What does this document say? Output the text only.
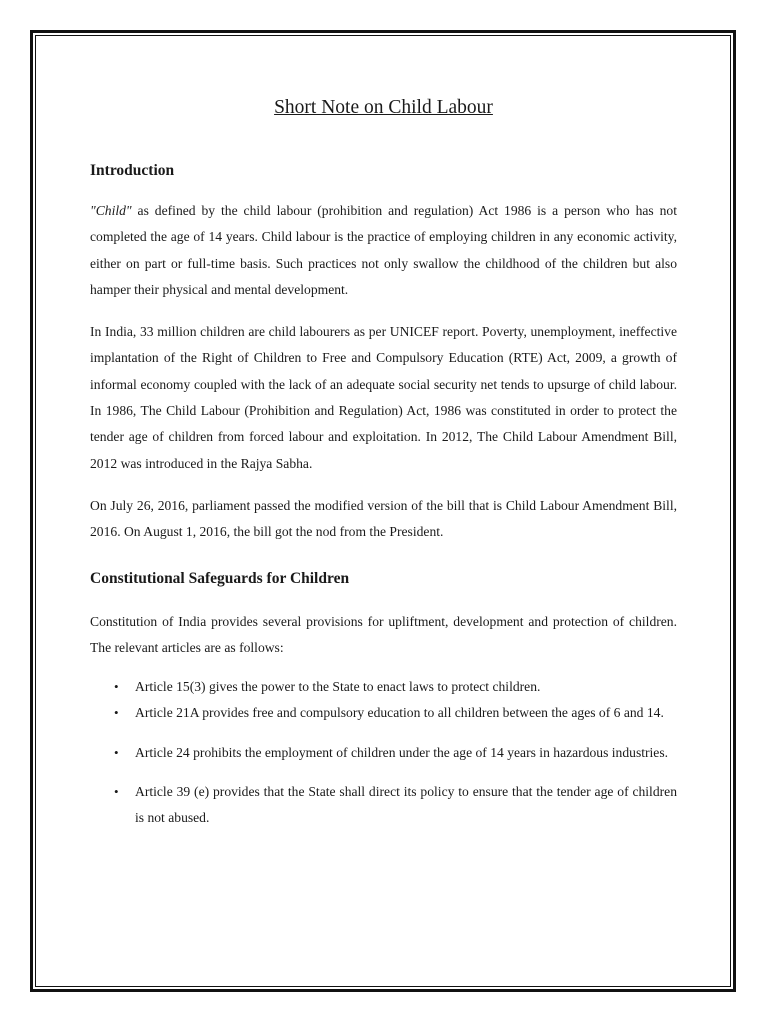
Short Note on Child Labour
Introduction

"Child" as defined by the child labour (prohibition and regulation) Act 1986 is a person who has not completed the age of 14 years. Child labour is the practice of employing children in any economic activity, either on part or full-time basis. Such practices not only swallow the childhood of the children but also hamper their physical and mental development.

In India, 33 million children are child labourers as per UNICEF report. Poverty, unemployment, ineffective implantation of the Right of Children to Free and Compulsory Education (RTE) Act, 2009, a growth of informal economy coupled with the lack of an adequate social security net tends to upsurge of child labour. In 1986, The Child Labour (Prohibition and Regulation) Act, 1986 was constituted in order to protect the tender age of children from forced labour and exploitation. In 2012, The Child Labour Amendment Bill, 2012 was introduced in the Rajya Sabha.

On July 26, 2016, parliament passed the modified version of the bill that is Child Labour Amendment Bill, 2016. On August 1, 2016, the bill got the nod from the President.

Constitutional Safeguards for Children

Constitution of India provides several provisions for upliftment, development and protection of children. The relevant articles are as follows:

• Article 15(3) gives the power to the State to enact laws to protect children.
• Article 21A provides free and compulsory education to all children between the ages of 6 and 14.
• Article 24 prohibits the employment of children under the age of 14 years in hazardous industries.
• Article 39 (e) provides that the State shall direct its policy to ensure that the tender age of children is not abused.
